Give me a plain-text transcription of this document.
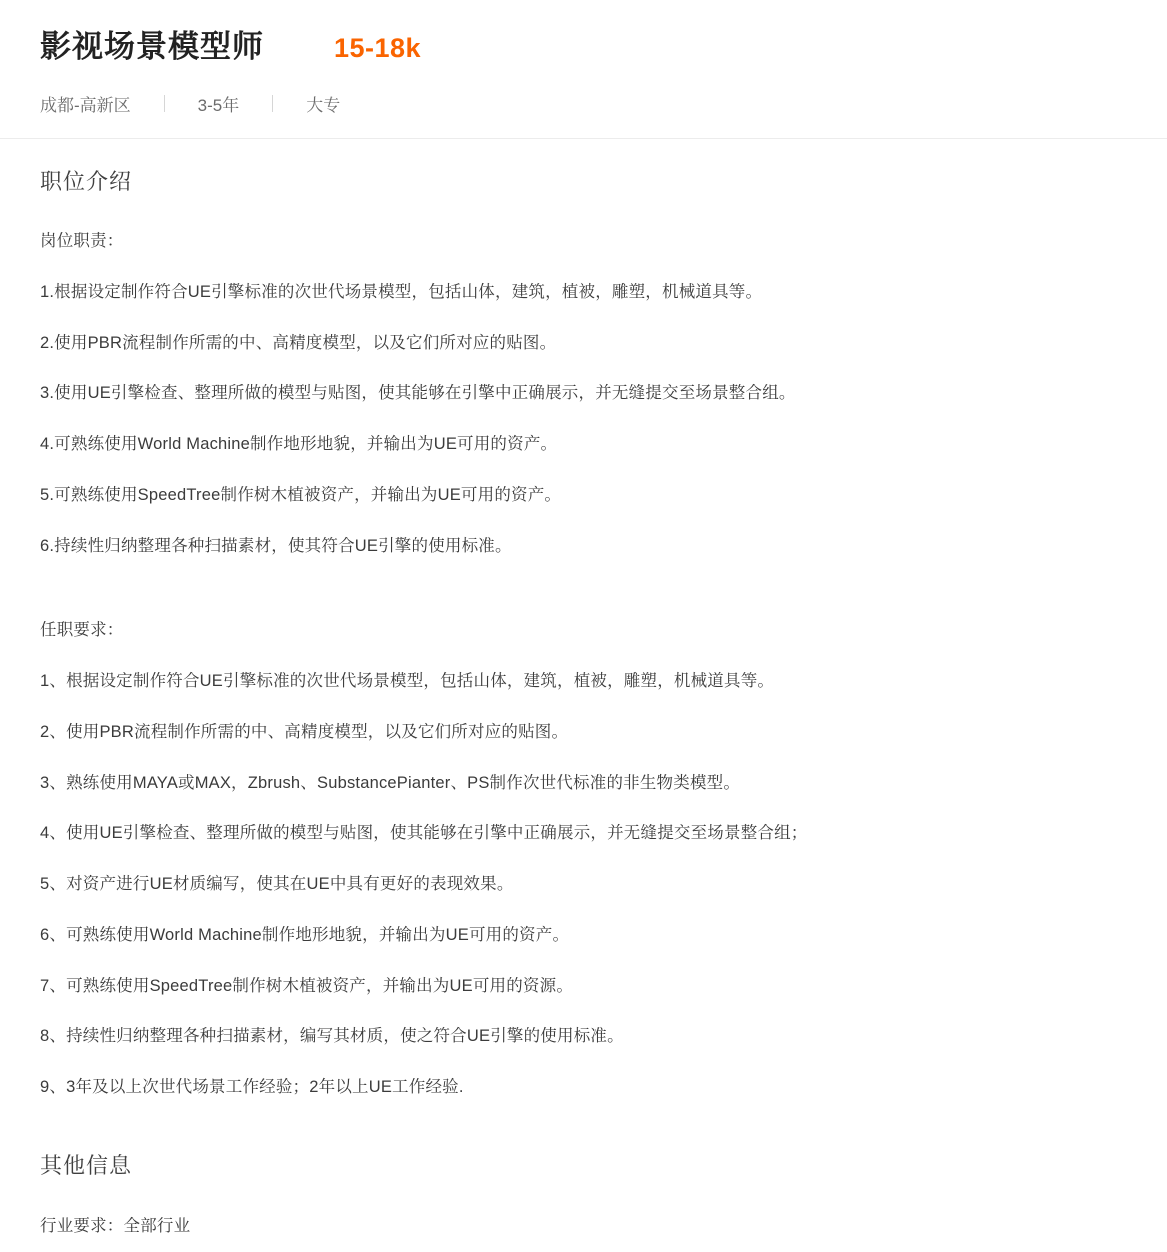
影视场景模型师	15-18k
成都-高新区	3-5年	大专
职位介绍

岗位职责：

1. 根据设定制作符合UE引擎标准的次世代场景模型，包括山体，建筑，植被，雕塑，机械道具等。
2. 使用PBR流程制作所需的中、高精度模型，以及它们所对应的贴图。
3. 使用UE引擎检查、整理所做的模型与贴图，使其能够在引擎中正确展示，并无缝提交至场景整合组。
4. 可熟练使用World Machine制作地形地貌，并输出为UE可用的资产。
5. 可熟练使用SpeedTree制作树木植被资产，并输出为UE可用的资产。
6. 持续性归纳整理各种扫描素材，使其符合UE引擎的使用标准。

任职要求：

1、 根据设定制作符合UE引擎标准的次世代场景模型，包括山体，建筑，植被，雕塑，机械道具等。
2、 使用PBR流程制作所需的中、高精度模型，以及它们所对应的贴图。
3、 熟练使用MAYA或MAX，Zbrush、SubstancePianter、PS制作次世代标准的非生物类模型。
4、 使用UE引擎检查、整理所做的模型与贴图，使其能够在引擎中正确展示，并无缝提交至场景整合组；
5、 对资产进行UE材质编写，使其在UE中具有更好的表现效果。
6、 可熟练使用World Machine制作地形地貌，并输出为UE可用的资产。
7、 可熟练使用SpeedTree制作树木植被资产，并输出为UE可用的资源。
8、 持续性归纳整理各种扫描素材，编写其材质，使之符合UE引擎的使用标准。
9、 3年及以上次世代场景工作经验；2年以上UE工作经验.
其他信息

行业要求：全部行业
